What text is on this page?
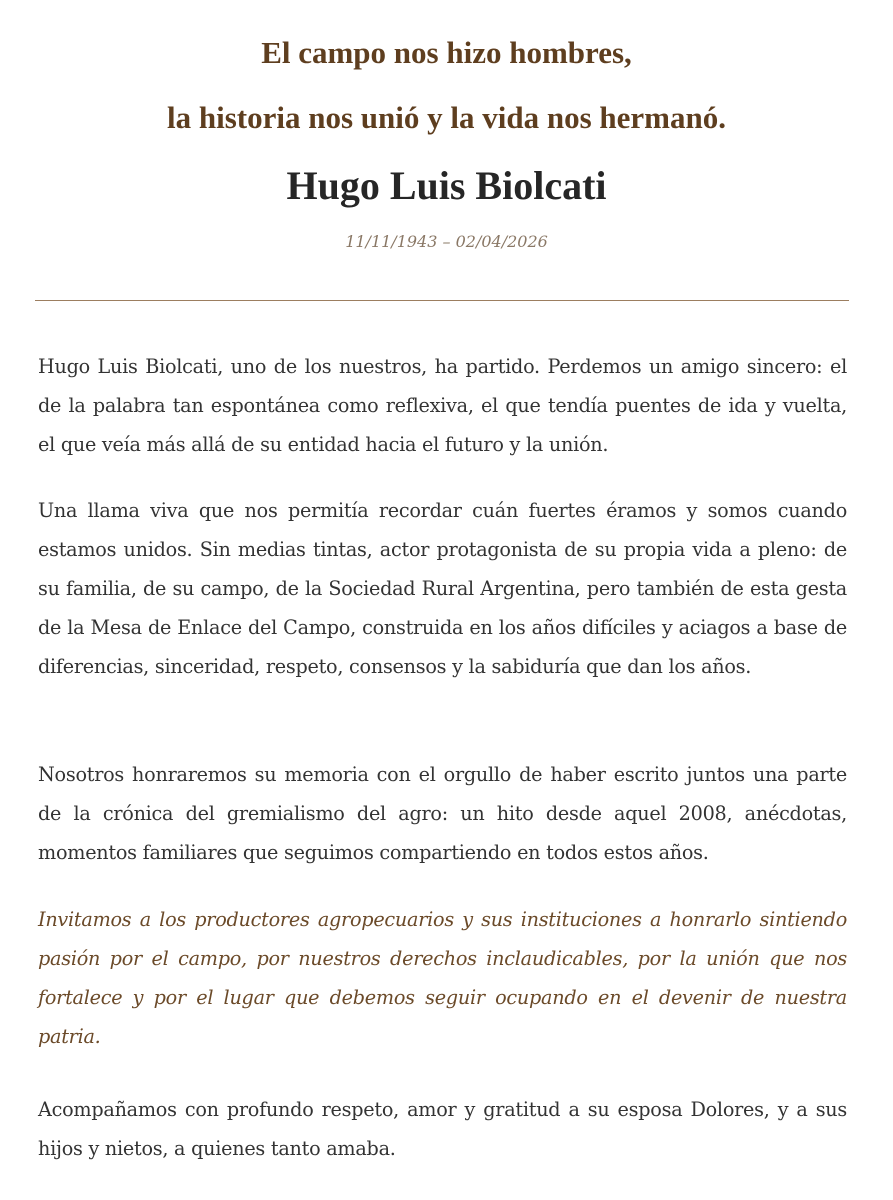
El campo nos hizo hombres,
la historia nos unió y la vida nos hermanó.
Hugo Luis Biolcati
11/11/1943 – 02/04/2026

Hugo Luis Biolcati, uno de los nuestros, ha partido. Perdemos un amigo sincero: el de la palabra tan espontánea como reflexiva, el que tendía puentes de ida y vuelta, el que veía más allá de su entidad hacia el futuro y la unión.

Una llama viva que nos permitía recordar cuán fuertes éramos y somos cuando estamos unidos. Sin medias tintas, actor protagonista de su propia vida a pleno: de su familia, de su campo, de la Sociedad Rural Argentina, pero también de esta gesta de la Mesa de Enlace del Campo, construida en los años difíciles y aciagos a base de diferencias, sinceridad, respeto, consensos y la sabiduría que dan los años.

Nosotros honraremos su memoria con el orgullo de haber escrito juntos una parte de la crónica del gremialismo del agro: un hito desde aquel 2008, anécdotas, momentos familiares que seguimos compartiendo en todos estos años.

Invitamos a los productores agropecuarios y sus instituciones a honrarlo sintiendo pasión por el campo, por nuestros derechos inclaudicables, por la unión que nos fortalece y por el lugar que debemos seguir ocupando en el devenir de nuestra patria.

Acompañamos con profundo respeto, amor y gratitud a su esposa Dolores, y a sus hijos y nietos, a quienes tanto amaba.
